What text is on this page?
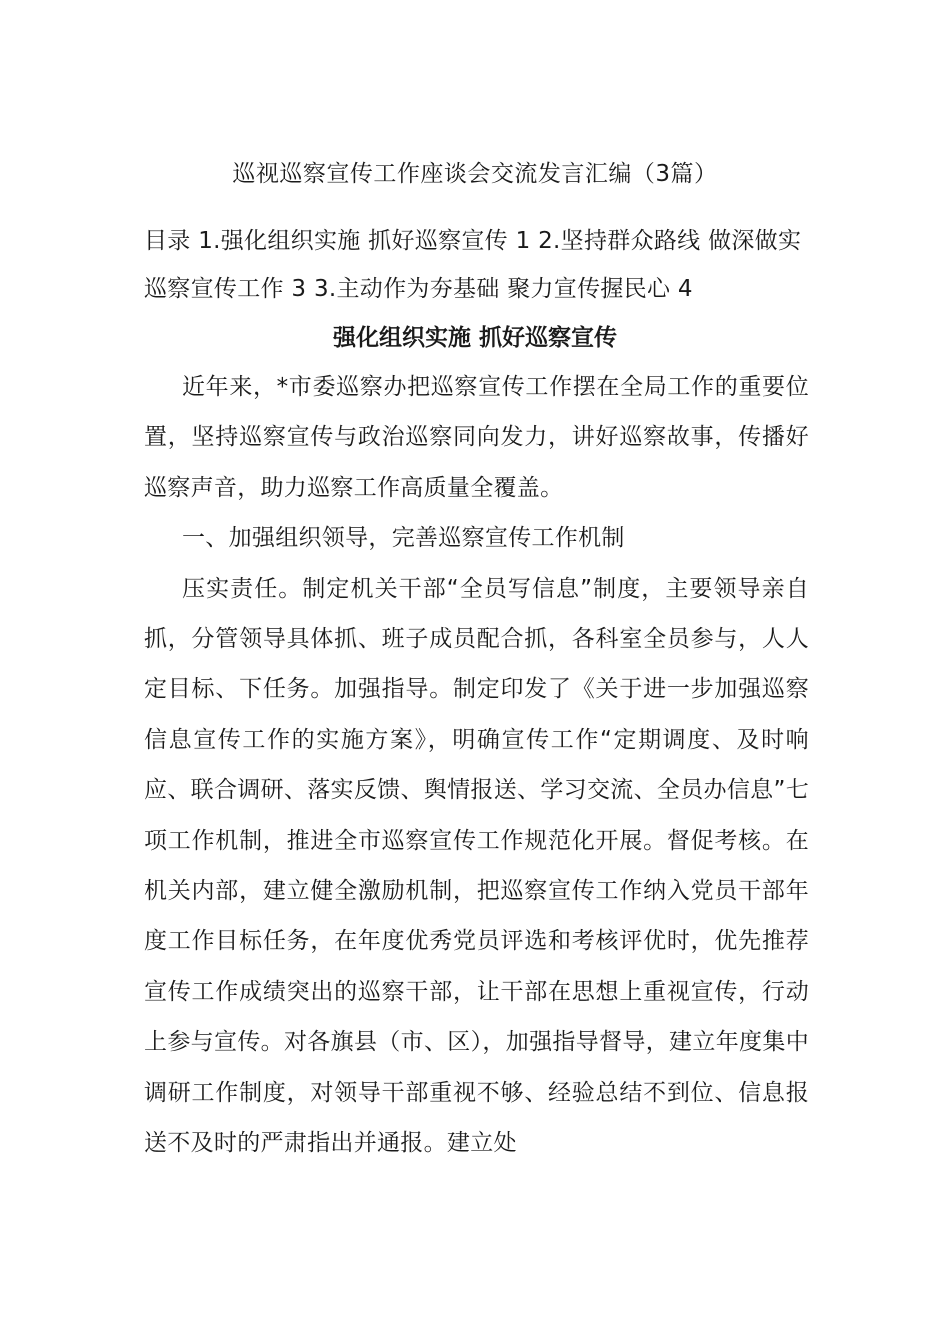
巡视巡察宣传工作座谈会交流发言汇编（3篇）
目录 1.强化组织实施 抓好巡察宣传 1 2.坚持群众路线 做深做实巡察宣传工作 3 3.主动作为夯基础 聚力宣传握民心 4
强化组织实施 抓好巡察宣传

近年来，*市委巡察办把巡察宣传工作摆在全局工作的重要位置，坚持巡察宣传与政治巡察同向发力，讲好巡察故事，传播好巡察声音，助力巡察工作高质量全覆盖。

一、加强组织领导，完善巡察宣传工作机制

压实责任。制定机关干部“全员写信息”制度，主要领导亲自抓，分管领导具体抓、班子成员配合抓，各科室全员参与，人人定目标、下任务。加强指导。制定印发了《关于进一步加强巡察信息宣传工作的实施方案》，明确宣传工作“定期调度、及时响应、联合调研、落实反馈、舆情报送、学习交流、全员办信息”七项工作机制，推进全市巡察宣传工作规范化开展。督促考核。在机关内部，建立健全激励机制，把巡察宣传工作纳入党员干部年度工作目标任务，在年度优秀党员评选和考核评优时，优先推荐宣传工作成绩突出的巡察干部，让干部在思想上重视宣传，行动上参与宣传。对各旗县（市、区），加强指导督导，建立年度集中调研工作制度，对领导干部重视不够、经验总结不到位、信息报送不及时的严肃指出并通报。建立处
